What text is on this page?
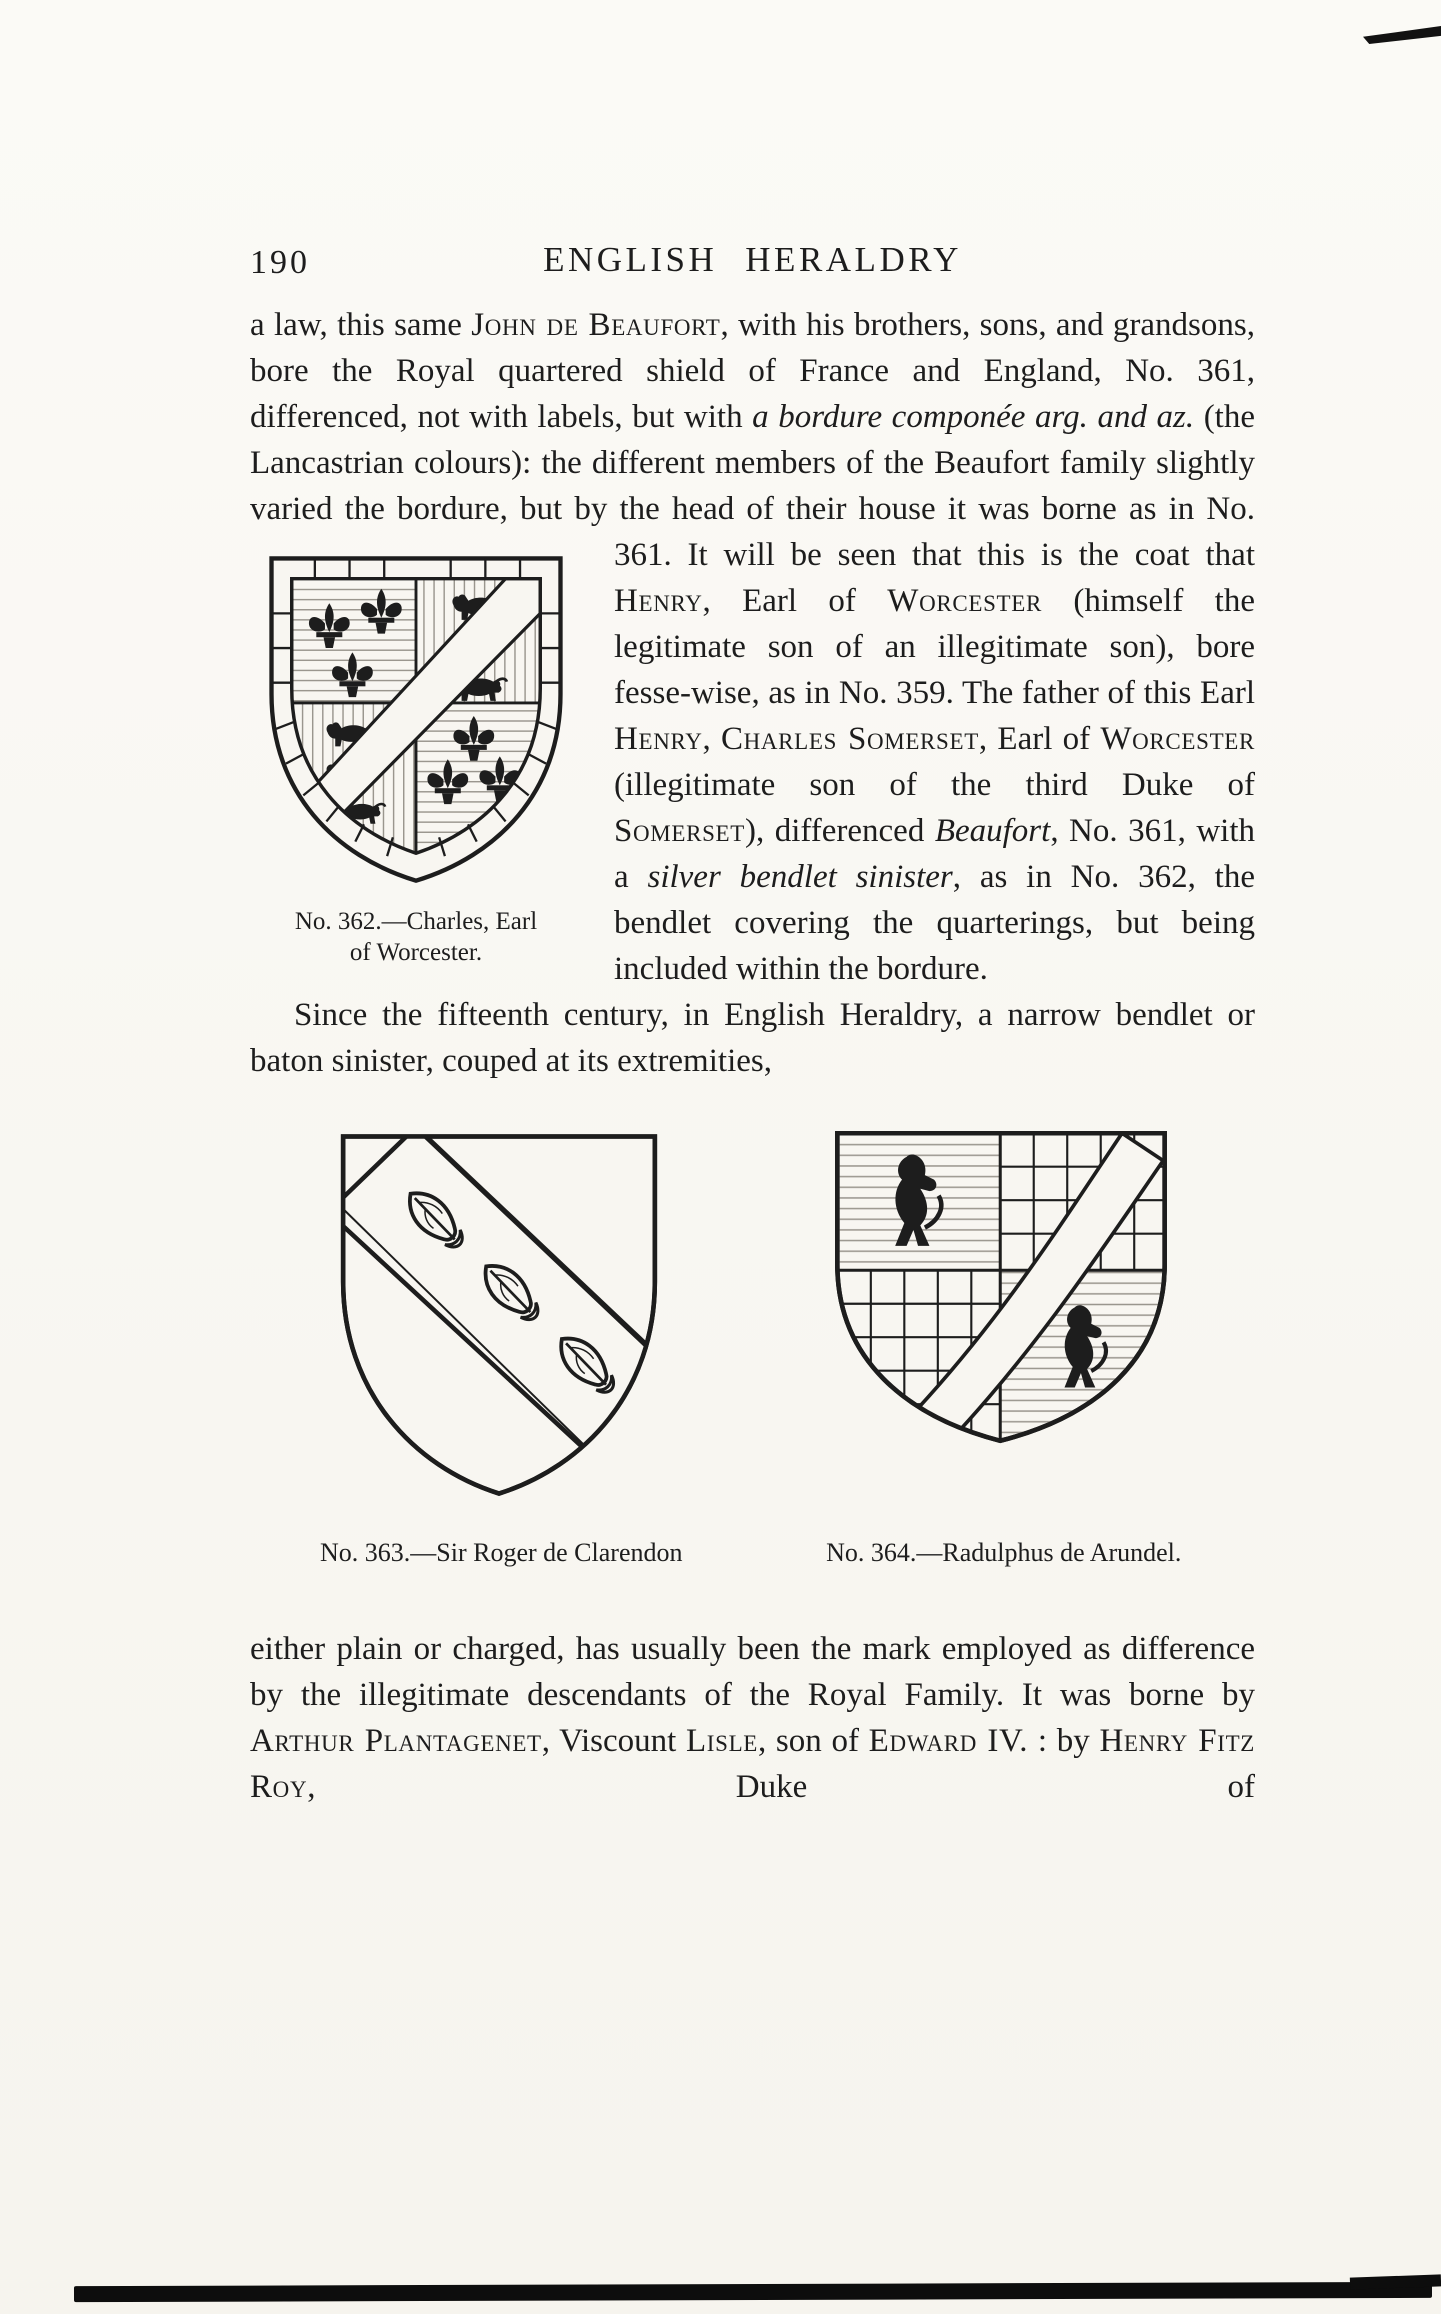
190	ENGLISH HERALDRY
a law, this same John de Beaufort, with his brothers, sons, and grandsons, bore the Royal quartered shield of France and England, No. 361, differenced, not with labels, but with a bordure componée arg. and az. (the Lancastrian colours): the different members of the Beaufort family slightly varied the bordure, but by the head of their house it was borne
No. 362.—Charles, Earl
of Worcester.
as in No. 361. It will be seen that this is the coat that Henry, Earl of Worcester (himself the legitimate son of an illegitimate son), bore fesse-wise, as in No. 359. The father of this Earl Henry, Charles Somerset, Earl of Worcester (illegitimate son of the third Duke of Somerset), differenced Beaufort, No. 361, with a silver bendlet sinister, as in No. 362, the bendlet covering the quarterings, but being included within the bordure.
Since the fifteenth century, in English Heraldry, a narrow bendlet or baton sinister, couped at its extremities,
No. 363.—Sir Roger de Clarendon	No. 364.—Radulphus de Arundel.
either plain or charged, has usually been the mark employed as difference by the illegitimate descendants of the Royal Family. It was borne by Arthur Plantagenet, Viscount Lisle, son of Edward IV. : by Henry Fitz Roy, Duke of
